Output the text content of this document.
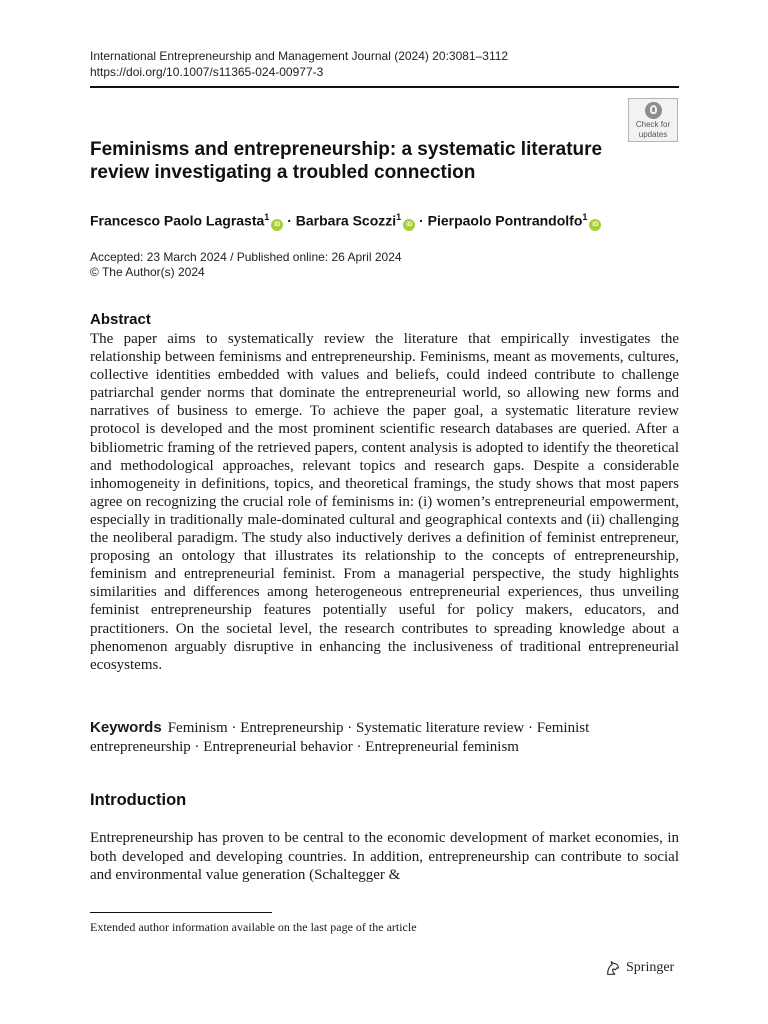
International Entrepreneurship and Management Journal (2024) 20:3081–3112
https://doi.org/10.1007/s11365-024-00977-3
Check for
updates
Feminisms and entrepreneurship: a systematic literature
review investigating a troubled connection
Francesco Paolo Lagrasta$^1$iD · Barbara Scozzi$^1$iD · Pierpaolo Pontrandolfo$^1$iD
Accepted: 23 March 2024 / Published online: 26 April 2024
© The Author(s) 2024
Abstract

The paper aims to systematically review the literature that empirically investigates the relationship between feminisms and entrepreneurship. Feminisms, meant as movements, cultures, collective identities embedded with values and beliefs, could indeed contribute to challenge patriarchal gender norms that dominate the entrepreneurial world, so allowing new forms and narratives of business to emerge. To achieve the paper goal, a systematic literature review protocol is developed and the most prominent scientific research databases are queried. After a bibliometric framing of the retrieved papers, content analysis is adopted to identify the theoretical and methodological approaches, relevant topics and research gaps. Despite a considerable inhomogeneity in definitions, topics, and theoretical framings, the study shows that most papers agree on recognizing the crucial role of feminisms in: (i) women’s entrepreneurial empowerment, especially in traditionally male-dominated cultural and geographical contexts and (ii) challenging the neoliberal paradigm. The study also inductively derives a definition of feminist entrepreneur, proposing an ontology that illustrates its relationship to the concepts of entrepreneurship, feminism and entrepreneurial feminist. From a managerial perspective, the study highlights similarities and differences among heterogeneous entrepreneurial experiences, thus unveiling feminist entrepreneurship features potentially useful for policy makers, educators, and practitioners. On the societal level, the research contributes to spreading knowledge about a phenomenon arguably disruptive in enhancing the inclusiveness of traditional entrepreneurial ecosystems.

Keywords Feminism · Entrepreneurship · Systematic literature review · Feminist entrepreneurship · Entrepreneurial behavior · Entrepreneurial feminism

Introduction

Entrepreneurship has proven to be central to the economic development of market economies, in both developed and developing countries. In addition, entrepreneurship can contribute to social and environmental value generation (Schaltegger &

Extended author information available on the last page of the article

Springer
